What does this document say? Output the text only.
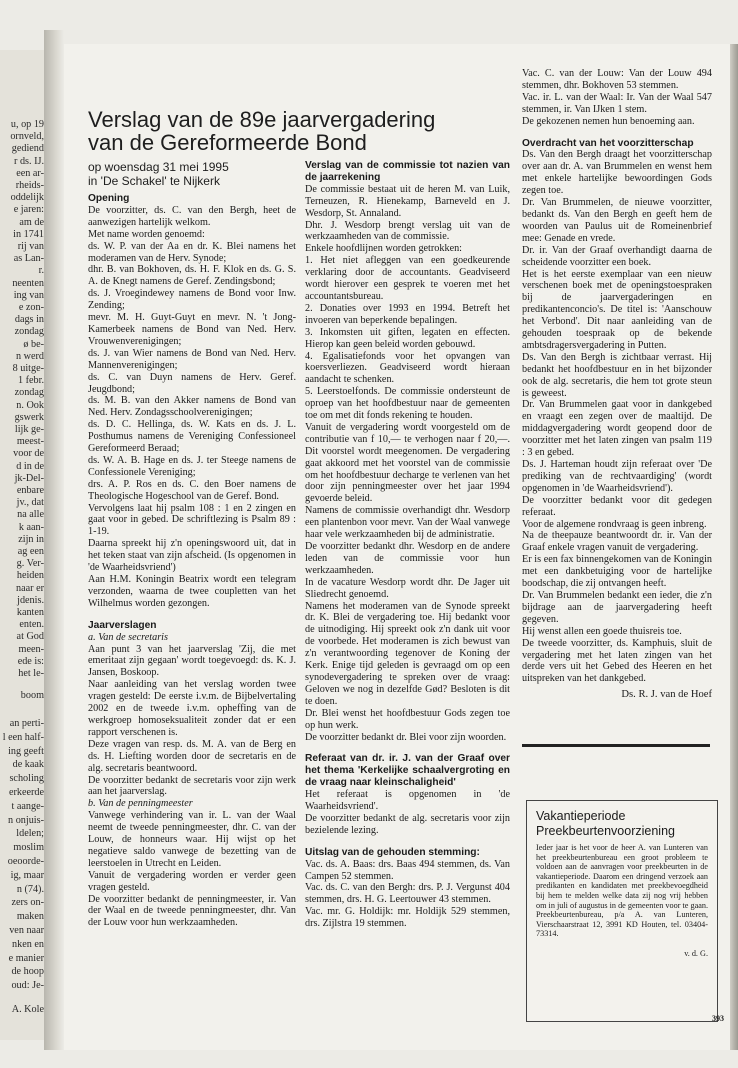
u, op 19
ornveld,
gediend
r ds. IJ.
een ar-
rheids-
oddelijk
e jaren:
am de
in 1741
rij van
as Lan-
r.
neenten
ing van
e zon-
dags in
zondag
ø be-
n werd
8 uitge-
1 febr.
zondag
n. Ook
gswerk
lijk ge-
meest-
voor de
d in de
jk-Del-
enbare
jv., dat
na alle
k aan-
zijn in
ag een
g. Ver-
heiden
naar er
jdenis.
kanten
enten.
at God
meen-
ede is:
het le-
boom
an perti-
l een half-
ing geeft
de kaak
scholing
erkeerde
t aange-
n onjuis-
ldelen;
moslim
oeoorde-
ig, maar
n (74).
zers on-
maken
ven naar
nken en
e manier
de hoop
oud: Je-
A. Kole
Verslag van de 89e jaarvergadering
van de Gereformeerde Bond
op woensdag 31 mei 1995
in 'De Schakel' te Nijkerk

Opening

De voorzitter, ds. C. van den Bergh, heet de aanwezigen hartelijk welkom.

Met name worden genoemd:

ds. W. P. van der Aa en dr. K. Blei namens het moderamen van de Herv. Synode;

dhr. B. van Bokhoven, ds. H. F. Klok en ds. G. S. A. de Knegt namens de Geref. Zendingsbond;

ds. J. Vroegindewey namens de Bond voor Inw. Zending;

mevr. M. H. Guyt-Guyt en mevr. N. 't Jong-Kamerbeek namens de Bond van Ned. Herv. Vrouwenverenigingen;

ds. J. van Wier namens de Bond van Ned. Herv. Mannenverenigingen;

ds. C. van Duyn namens de Herv. Geref. Jeugdbond;

ds. M. B. van den Akker namens de Bond van Ned. Herv. Zondagsschoolverenigingen;

ds. D. C. Hellinga, ds. W. Kats en ds. J. L. Posthumus namens de Vereniging Confessioneel Gereformeerd Beraad;

ds. W. A. B. Hage en ds. J. ter Steege namens de Confessionele Vereniging;

drs. A. P. Ros en ds. C. den Boer namens de Theologische Hogeschool van de Geref. Bond.

Vervolgens laat hij psalm 108 : 1 en 2 zingen en gaat voor in gebed. De schriftlezing is Psalm 89 : 1-19.

Daarna spreekt hij z'n openingswoord uit, dat in het teken staat van zijn afscheid. (Is opgenomen in 'de Waarheidsvriend')

Aan H.M. Koningin Beatrix wordt een telegram verzonden, waarna de twee coupletten van het Wilhelmus worden gezongen.

Jaarverslagen

a. Van de secretaris

Aan punt 3 van het jaarverslag 'Zij, die met emeritaat zijn gegaan' wordt toegevoegd: ds. K. J. Jansen, Boskoop.

Naar aanleiding van het verslag worden twee vragen gesteld: De eerste i.v.m. de Bijbelvertaling 2002 en de tweede i.v.m. opheffing van de werkgroep homoseksualiteit zonder dat er een rapport verschenen is.

Deze vragen van resp. ds. M. A. van de Berg en ds. H. Liefting worden door de secretaris en de alg. secretaris beantwoord.

De voorzitter bedankt de secretaris voor zijn werk aan het jaarverslag.

b. Van de penningmeester

Vanwege verhindering van ir. L. van der Waal neemt de tweede penningmeester, dhr. C. van der Louw, de honneurs waar. Hij wijst op het negatieve saldo vanwege de bezetting van de leerstoelen in Utrecht en Leiden.

Vanuit de vergadering worden er verder geen vragen gesteld.

De voorzitter bedankt de penningmeester, ir. Van der Waal en de tweede penningmeester, dhr. Van der Louw voor hun werkzaamheden.

Verslag van de commissie tot nazien van de jaarrekening

De commissie bestaat uit de heren M. van Luik, Terneuzen, R. Hienekamp, Barneveld en J. Wesdorp, St. Annaland.

Dhr. J. Wesdorp brengt verslag uit van de werkzaamheden van de commissie.

Enkele hoofdlijnen worden getrokken:

1. Het niet afleggen van een goedkeurende verklaring door de accountants. Geadviseerd wordt hierover een gesprek te voeren met het accountantsbureau.

2. Donaties over 1993 en 1994. Betreft het invoeren van beperkende bepalingen.

3. Inkomsten uit giften, legaten en effecten. Hierop kan geen beleid worden gebouwd.

4. Egalisatiefonds voor het opvangen van koersverliezen. Geadviseerd wordt hieraan aandacht te schenken.

5. Leerstoelfonds. De commissie ondersteunt de oproep van het hoofdbestuur naar de gemeenten toe om met dit fonds rekening te houden.

Vanuit de vergadering wordt voorgesteld om de contributie van f 10,— te verhogen naar f 20,—. Dit voorstel wordt meegenomen. De vergadering gaat akkoord met het voorstel van de commissie om het hoofdbestuur decharge te verlenen van het door zijn penningmeester over het jaar 1994 gevoerde beleid.

Namens de commissie overhandigt dhr. Wesdorp een plantenbon voor mevr. Van der Waal vanwege haar vele werkzaamheden bij de administratie.

De voorzitter bedankt dhr. Wesdorp en de andere leden van de commissie voor hun werkzaamheden.

In de vacature Wesdorp wordt dhr. De Jager uit Sliedrecht genoemd.

Namens het moderamen van de Synode spreekt dr. K. Blei de vergadering toe. Hij bedankt voor de uitnodiging. Hij spreekt ook z'n dank uit voor de voorbede. Het moderamen is zich bewust van z'n verantwoording tegenover de Koning der Kerk. Enige tijd geleden is gevraagd om op een synodevergadering te spreken over de vraag: Geloven we nog in dezelfde Gød? Besloten is dit te doen.

Dr. Blei wenst het hoofdbestuur Gods zegen toe op hun werk.

De voorzitter bedankt dr. Blei voor zijn woorden.

Referaat van dr. ir. J. van der Graaf over het thema 'Kerkelijke schaalvergroting en de vraag naar kleinschaligheid'

Het referaat is opgenomen in 'de Waarheidsvriend'.

De voorzitter bedankt de alg. secretaris voor zijn bezielende lezing.

Uitslag van de gehouden stemming:

Vac. ds. A. Baas: drs. Baas 494 stemmen, ds. Van Campen 52 stemmen.

Vac. ds. C. van den Bergh: drs. P. J. Vergunst 404 stemmen, drs. H. G. Leertouwer 43 stemmen.

Vac. mr. G. Holdijk: mr. Holdijk 529 stemmen, drs. Zijlstra 19 stemmen.

Vac. C. van der Louw: Van der Louw 494 stemmen, dhr. Bokhoven 53 stemmen.

Vac. ir. L. van der Waal: Ir. Van der Waal 547 stemmen, ir. Van IJken 1 stem.

De gekozenen nemen hun benoeming aan.

Overdracht van het voorzitterschap

Ds. Van den Bergh draagt het voorzitterschap over aan dr. A. van Brummelen en wenst hem met enkele hartelijke bewoordingen Gods zegen toe.

Dr. Van Brummelen, de nieuwe voorzitter, bedankt ds. Van den Bergh en geeft hem de woorden van Paulus uit de Romeinenbrief mee: Genade en vrede.

Dr. ir. Van der Graaf overhandigt daarna de scheidende voorzitter een boek.

Het is het eerste exemplaar van een nieuw verschenen boek met de openingstoespraken bij de jaarvergaderingen en predikantenconcio's. De titel is: 'Aanschouw het Verbond'. Dit naar aanleiding van de gehouden toespraak op de bekende ambtsdragersvergadering in Putten.

Ds. Van den Bergh is zichtbaar verrast. Hij bedankt het hoofdbestuur en in het bijzonder ook de alg. secretaris, die hem tot grote steun is geweest.

Dr. Van Brummelen gaat voor in dankgebed en vraagt een zegen over de maaltijd. De middagvergadering wordt geopend door de voorzitter met het laten zingen van psalm 119 : 3 en gebed.

Ds. J. Harteman houdt zijn referaat over 'De prediking van de rechtvaardiging' (wordt opgenomen in 'de Waarheidsvriend').

De voorzitter bedankt voor dit gedegen referaat.

Voor de algemene rondvraag is geen inbreng.

Na de theepauze beantwoordt dr. ir. Van der Graaf enkele vragen vanuit de vergadering.

Er is een fax binnengekomen van de Koningin met een dankbetuiging voor de hartelijke boodschap, die zij ontvangen heeft.

Dr. Van Brummelen bedankt een ieder, die z'n bijdrage aan de jaarvergadering heeft gegeven.

Hij wenst allen een goede thuisreis toe.

De tweede voorzitter, ds. Kamphuis, sluit de vergadering met het laten zingen van het derde vers uit het Gebed des Heeren en het uitspreken van het dankgebed.

Ds. R. J. van de Hoef

Vakantieperiode
Preekbeurtenvoorziening
Ieder jaar is het voor de heer A. van Lunteren van het preekbeurtenbureau een groot probleem te voldoen aan de aanvragen voor preekbeurten in de vakantieperiode. Daarom een dringend verzoek aan predikanten en kandidaten met preekbevoegdheid bij hem te melden welke data zij nog vrij hebben om in juli of augustus in de gemeenten voor te gaan. Preekbeurtenbureau, p/a A. van Lunteren, Vierschaarstraat 12, 3991 KD Houten, tel. 03404-73314.
v. d. G.
393
